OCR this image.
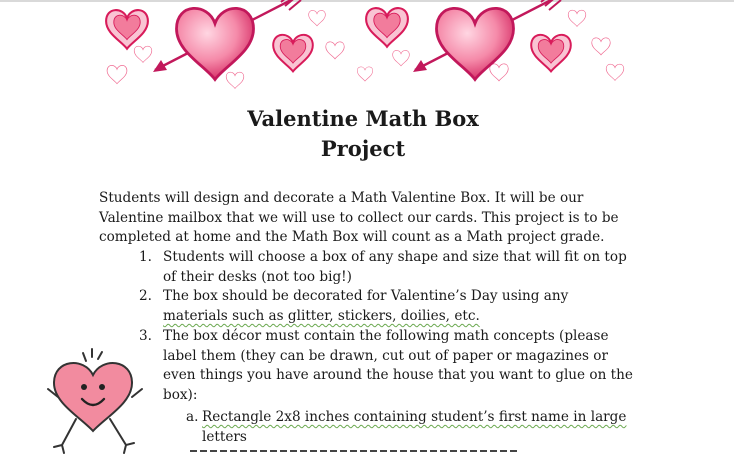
Valentine Math Box
Project
Students will design and decorate a Math Valentine Box. It will be our
Valentine mailbox that we will use to collect our cards. This project is to be
completed at home and the Math Box will count as a Math project grade.
1. Students will choose a box of any shape and size that will fit on top
of their desks (not too big!)
2. The box should be decorated for Valentine’s Day using any
materials such as glitter, stickers, doilies, etc.
3. The box décor must contain the following math concepts (please
label them (they can be drawn, cut out of paper or magazines or
even things you have around the house that you want to glue on the
box):
a. Rectangle 2x8 inches containing student’s first name in large
letters
